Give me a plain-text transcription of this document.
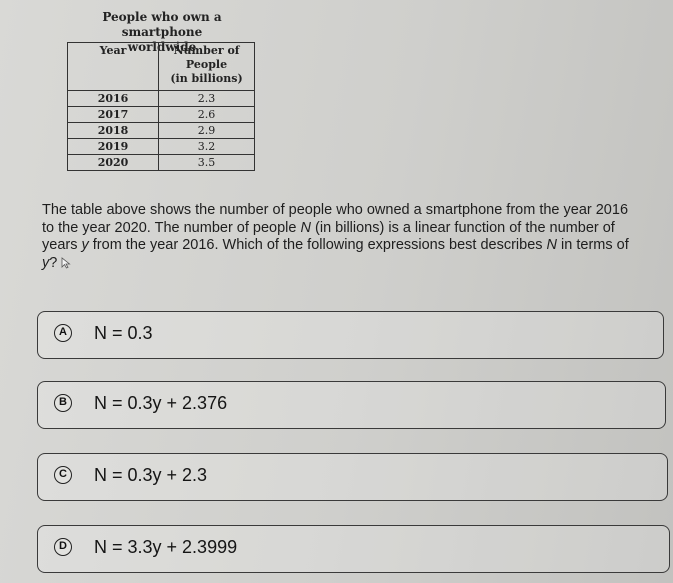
People who own a smartphone
worldwide
Year	Number of
People
(in billions)

2016	2.3
2017	2.6
2018	2.9
2019	3.2
2020	3.5
The table above shows the number of people who owned a smartphone from the year 2016 to the year 2020. The number of people N (in billions) is a linear function of the number of years y from the year 2016. Which of the following expressions best describes N in terms of y?
A N = 0.3
B N = 0.3y + 2.376
C N = 0.3y + 2.3
D N = 3.3y + 2.3999
